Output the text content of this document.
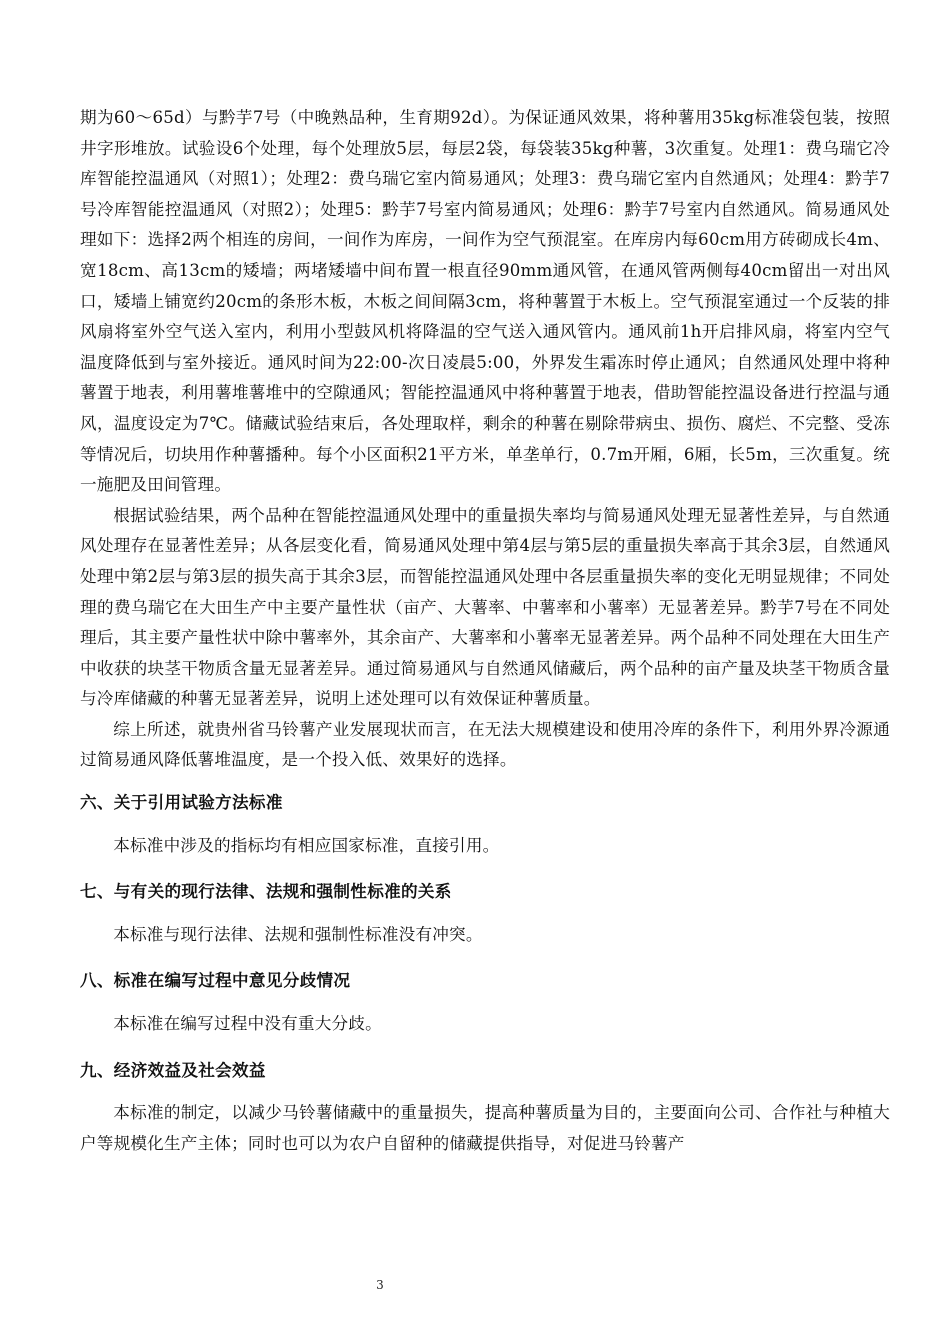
期为60～65d）与黔芋7号（中晚熟品种，生育期92d）。为保证通风效果，将种薯用35kg标准袋包装，按照井字形堆放。试验设6个处理，每个处理放5层，每层2袋，每袋装35kg种薯，3次重复。处理1：费乌瑞它冷库智能控温通风（对照1）；处理2：费乌瑞它室内简易通风；处理3：费乌瑞它室内自然通风；处理4：黔芋7号冷库智能控温通风（对照2）；处理5：黔芋7号室内简易通风；处理6：黔芋7号室内自然通风。简易通风处理如下：选择2两个相连的房间，一间作为库房，一间作为空气预混室。在库房内每60cm用方砖砌成长4m、宽18cm、高13cm的矮墙；两堵矮墙中间布置一根直径90mm通风管，在通风管两侧每40cm留出一对出风口，矮墙上铺宽约20cm的条形木板，木板之间间隔3cm，将种薯置于木板上。空气预混室通过一个反装的排风扇将室外空气送入室内，利用小型鼓风机将降温的空气送入通风管内。通风前1h开启排风扇，将室内空气温度降低到与室外接近。通风时间为22:00-次日凌晨5:00，外界发生霜冻时停止通风；自然通风处理中将种薯置于地表，利用薯堆薯堆中的空隙通风；智能控温通风中将种薯置于地表，借助智能控温设备进行控温与通风，温度设定为7℃。储藏试验结束后，各处理取样，剩余的种薯在剔除带病虫、损伤、腐烂、不完整、受冻等情况后，切块用作种薯播种。每个小区面积21平方米，单垄单行，0.7m开厢，6厢，长5m，三次重复。统一施肥及田间管理。

根据试验结果，两个品种在智能控温通风处理中的重量损失率均与简易通风处理无显著性差异，与自然通风处理存在显著性差异；从各层变化看，简易通风处理中第4层与第5层的重量损失率高于其余3层，自然通风处理中第2层与第3层的损失高于其余3层，而智能控温通风处理中各层重量损失率的变化无明显规律；不同处理的费乌瑞它在大田生产中主要产量性状（亩产、大薯率、中薯率和小薯率）无显著差异。黔芋7号在不同处理后，其主要产量性状中除中薯率外，其余亩产、大薯率和小薯率无显著差异。两个品种不同处理在大田生产中收获的块茎干物质含量无显著差异。通过简易通风与自然通风储藏后，两个品种的亩产量及块茎干物质含量与冷库储藏的种薯无显著差异，说明上述处理可以有效保证种薯质量。

综上所述，就贵州省马铃薯产业发展现状而言，在无法大规模建设和使用冷库的条件下，利用外界冷源通过简易通风降低薯堆温度，是一个投入低、效果好的选择。

六、关于引用试验方法标准

本标准中涉及的指标均有相应国家标准，直接引用。

七、与有关的现行法律、法规和强制性标准的关系

本标准与现行法律、法规和强制性标准没有冲突。

八、标准在编写过程中意见分歧情况

本标准在编写过程中没有重大分歧。

九、经济效益及社会效益

本标准的制定，以减少马铃薯储藏中的重量损失，提高种薯质量为目的，主要面向公司、合作社与种植大户等规模化生产主体；同时也可以为农户自留种的储藏提供指导，对促进马铃薯产

3
